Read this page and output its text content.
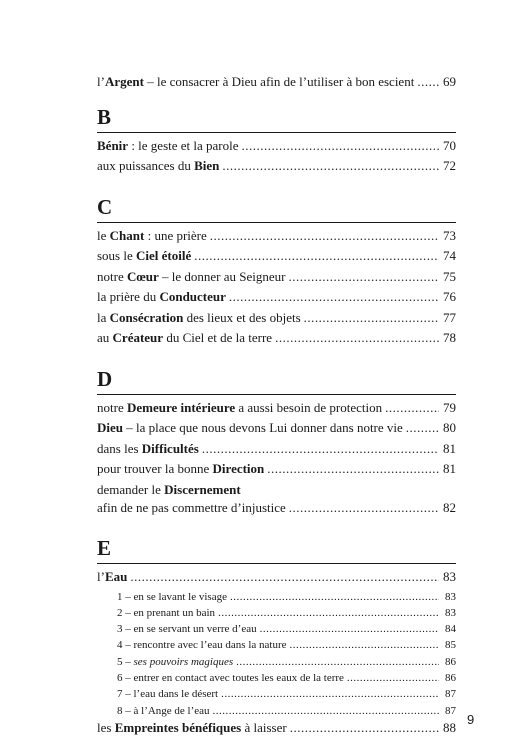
l’Argent – le consacrer à Dieu afin de l’utiliser à bon escient ..... 69
B
Bénir : le geste et la parole .....	70
aux puissances du Bien .....	72
C
le Chant : une prière .....	73
sous le Ciel étoilé .....	74
notre Cœur – le donner au Seigneur .....	75
la prière du Conducteur .....	76
la Consécration des lieux et des objets .....	77
au Créateur du Ciel et de la terre .....	78
D
notre Demeure intérieure a aussi besoin de protection .....	79
Dieu – la place que nous devons Lui donner dans notre vie .....	80
dans les Difficultés .....	81
pour trouver la bonne Direction .....	81
demander le Discernement
afin de ne pas commettre d’injustice .....	82
E
l’Eau .....	83
1 – en se lavant le visage .....	83
2 – en prenant un bain .....	83
3 – en se servant un verre d’eau .....	84
4 – rencontre avec l’eau dans la nature .....	85
5 – ses pouvoirs magiques .....	86
6 – entrer en contact avec toutes les eaux de la terre .....	86
7 – l’eau dans le désert .....	87
8 – à l’Ange de l’eau .....	87
les Empreintes bénéfiques à laisser .....	88
9
